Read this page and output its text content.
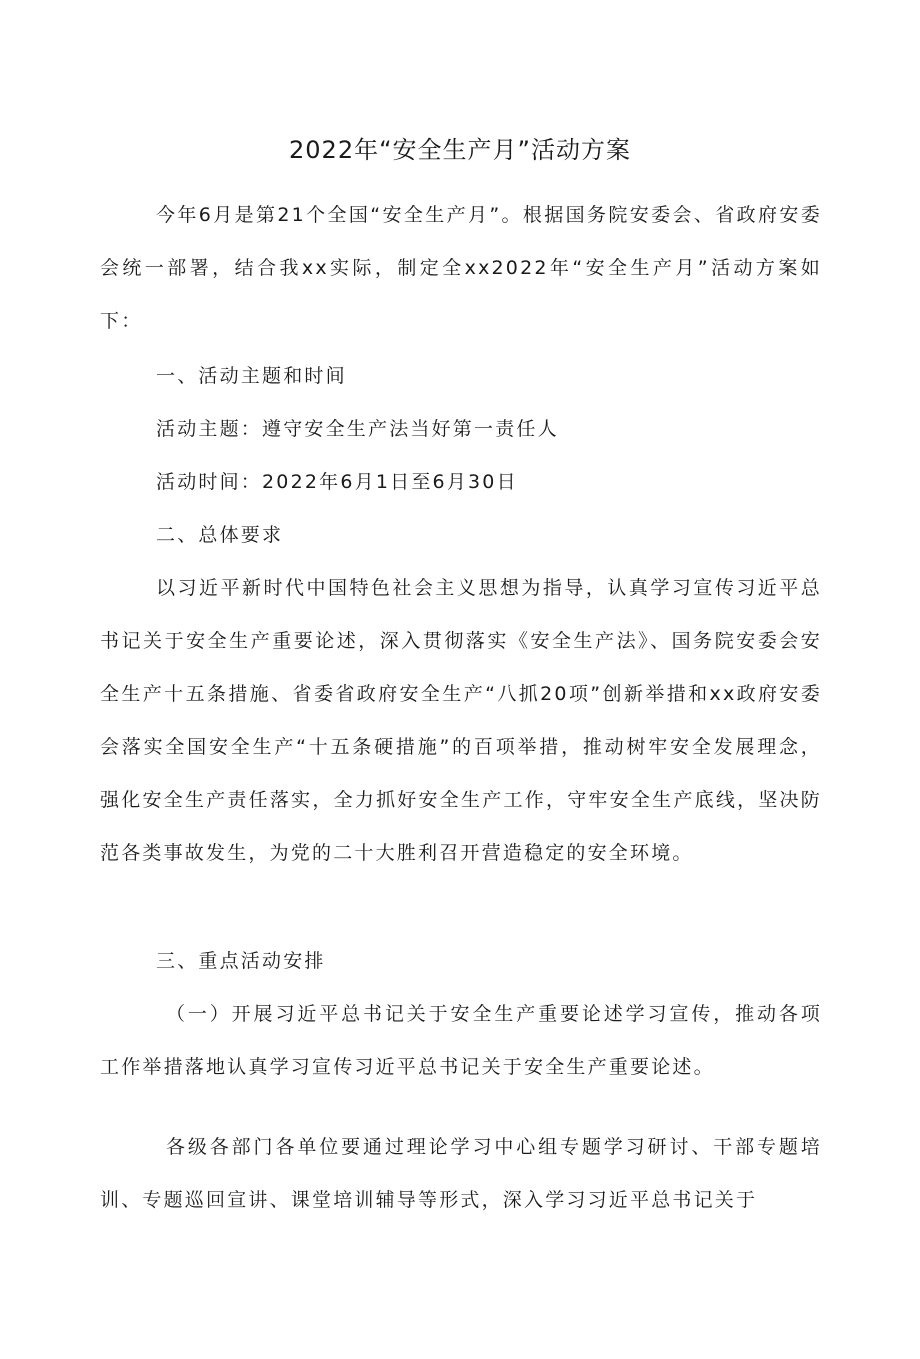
2022年“安全生产月”活动方案

今年6月是第21个全国“安全生产月”。根据国务院安委会、省政府安委会统一部署，结合我xx实际，制定全xx2022年“安全生产月”活动方案如下：

一、活动主题和时间

活动主题：遵守安全生产法当好第一责任人

活动时间：2022年6月1日至6月30日

二、总体要求

以习近平新时代中国特色社会主义思想为指导，认真学习宣传习近平总书记关于安全生产重要论述，深入贯彻落实《安全生产法》、国务院安委会安全生产十五条措施、省委省政府安全生产“八抓20项”创新举措和xx政府安委会落实全国安全生产“十五条硬措施”的百项举措，推动树牢安全发展理念，强化安全生产责任落实，全力抓好安全生产工作，守牢安全生产底线，坚决防范各类事故发生，为党的二十大胜利召开营造稳定的安全环境。

三、重点活动安排

（一）开展习近平总书记关于安全生产重要论述学习宣传，推动各项工作举措落地认真学习宣传习近平总书记关于安全生产重要论述。

各级各部门各单位要通过理论学习中心组专题学习研讨、干部专题培训、专题巡回宣讲、课堂培训辅导等形式，深入学习习近平总书记关于
